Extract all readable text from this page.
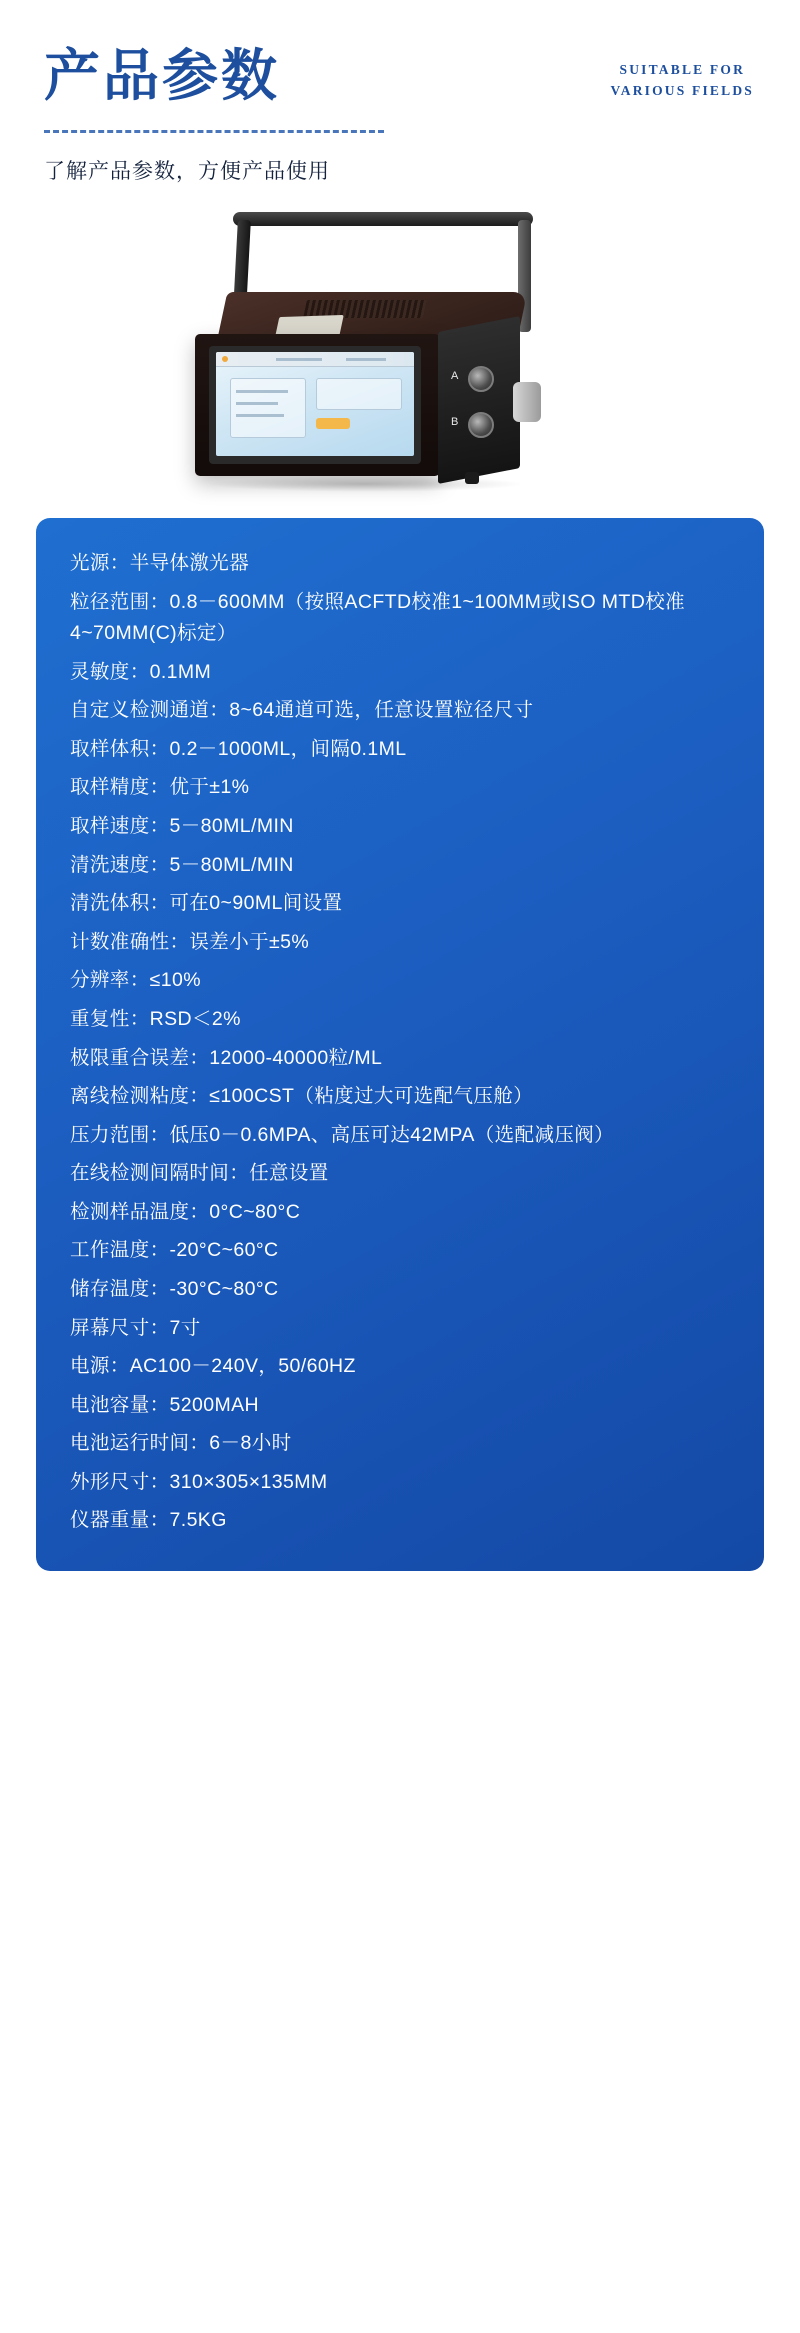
产品参数
了解产品参数，方便产品使用
SUITABLE FOR
VARIOUS FIELDS
A
B
光源：半导体激光器
粒径范围：0.8－600MM（按照ACFTD校准1~100MM或ISO MTD校准4~70MM(C)标定）
灵敏度：0.1MM
自定义检测通道：8~64通道可选，任意设置粒径尺寸
取样体积：0.2－1000ML，间隔0.1ML
取样精度：优于±1%
取样速度：5－80ML/MIN
清洗速度：5－80ML/MIN
清洗体积：可在0~90ML间设置
计数准确性：误差小于±5%
分辨率：≤10%
重复性：RSD＜2%
极限重合误差：12000-40000粒/ML
离线检测粘度：≤100CST（粘度过大可选配气压舱）
压力范围：低压0－0.6MPA、高压可达42MPA（选配减压阀）
在线检测间隔时间：任意设置
检测样品温度：0°C~80°C
工作温度：-20°C~60°C
储存温度：-30°C~80°C
屏幕尺寸：7寸
电源：AC100－240V，50/60HZ
电池容量：5200MAH
电池运行时间：6－8小时
外形尺寸：310×305×135MM
仪器重量：7.5KG
